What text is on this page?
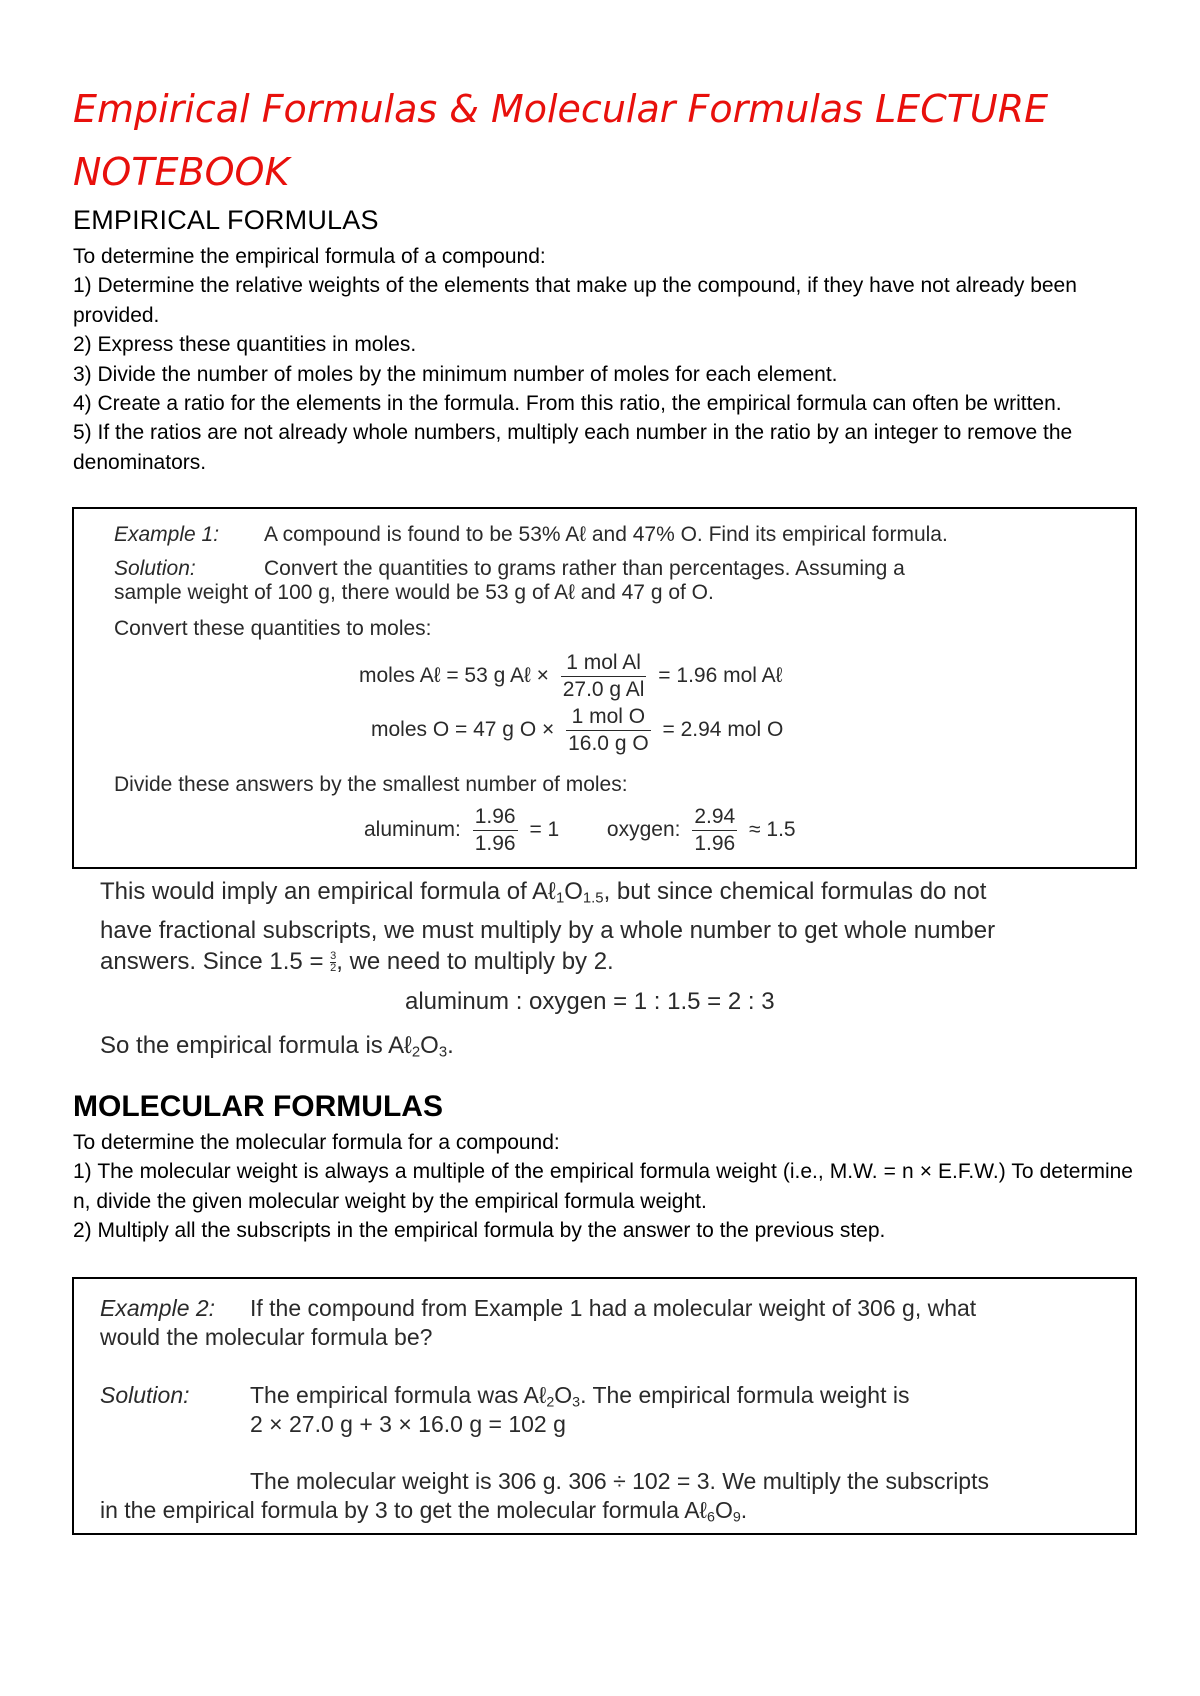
Empirical Formulas & Molecular Formulas LECTURE NOTEBOOK
EMPIRICAL FORMULAS

To determine the empirical formula of a compound:

1) Determine the relative weights of the elements that make up the compound, if they have not already been provided.

2) Express these quantities in moles.

3) Divide the number of moles by the minimum number of moles for each element.

4) Create a ratio for the elements in the formula. From this ratio, the empirical formula can often be written.

5) If the ratios are not already whole numbers, multiply each number in the ratio by an integer to remove the denominators.

Example 1: A compound is found to be 53% Aℓ and 47% O. Find its empirical formula.
Solution:	Convert the quantities to grams rather than percentages. Assuming a
sample weight of 100 g, there would be 53 g of Aℓ and 47 g of O.
Convert these quantities to moles:
moles Aℓ = 53 g Aℓ × $\frac{\text{1 mol Al}}{\text{27.0 g Al}} = 1.96$ mol Aℓ
moles O = 47 g $O \times \frac{\text{1 mol O}}{\text{16.0 g O}} = 2.94$ mol O
Divide these answers by the smallest number of moles:
aluminum: $\frac{1.96}{1.96} = 1$ oxygen: $\frac{2.94}{1.96} \approx 1.5$

This would imply an empirical formula of $A\ell_1O_{1.5}$, but since chemical formulas do not

have fractional subscripts, we must multiply by a whole number to get whole number

answers. Since $1.5 = \frac{3}{2}$ , we need to multiply by 2.

aluminum : oxygen = 1 : 1.5 = 2 : 3
So the empirical formula is $A\ell_2O_3$.
MOLECULAR FORMULAS

To determine the molecular formula for a compound:

1) The molecular weight is always a multiple of the empirical formula weight (i.e., M.W. = n × E.F.W.) To determine n, divide the given molecular weight by the empirical formula weight.

2) Multiply all the subscripts in the empirical formula by the answer to the previous step.

Example 2: If the compound from Example 1 had a molecular weight of 306 g, what
would the molecular formula be?
Solution:	The empirical formula was $A\ell_2O_3$. The empirical formula weight is
2 × 27.0 g + 3 × 16.0 g = 102 g
The molecular weight is 306 g. 306 ÷ 102 = 3. We multiply the subscripts
in the empirical formula by 3 to get the molecular formula $A\ell_6O_9$.
